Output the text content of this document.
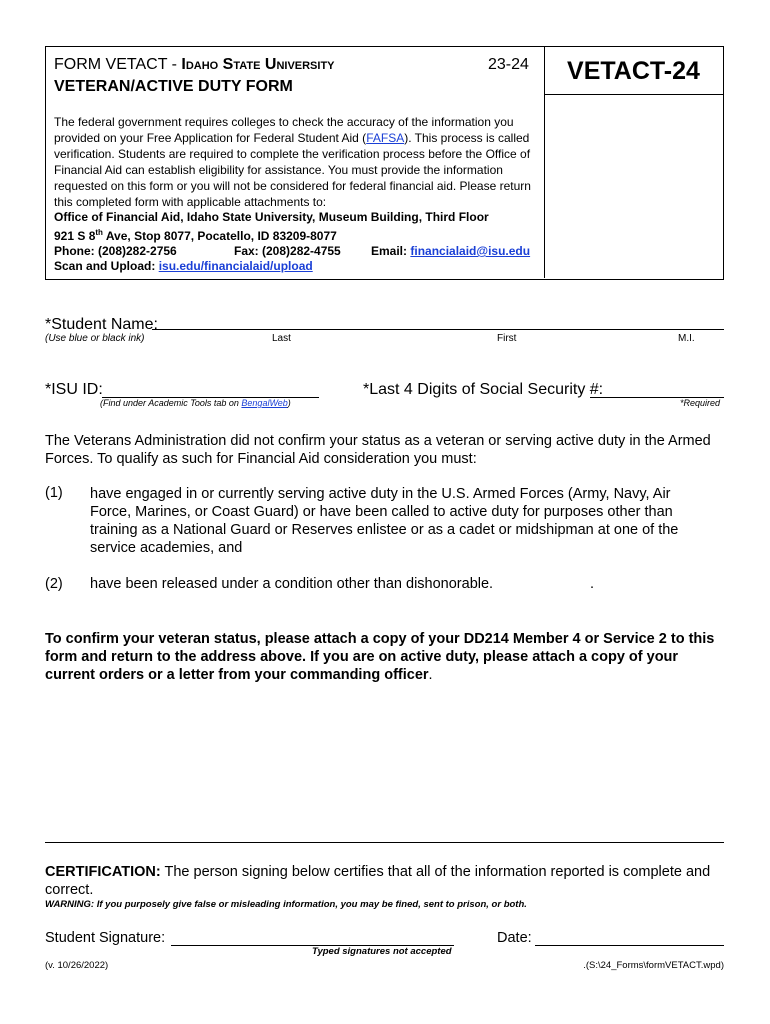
FORM VETACT - Idaho State University	23-24
VETERAN/ACTIVE DUTY FORM
VETACT-24
The federal government requires colleges to check the accuracy of the information you provided on your Free Application for Federal Student Aid (FAFSA). This process is called verification. Students are required to complete the verification process before the Office of Financial Aid can establish eligibility for assistance. You must provide the information requested on this form or you will not be considered for federal financial aid. Please return this completed form with applicable attachments to:
Office of Financial Aid, Idaho State University, Museum Building, Third Floor
921 S 8th Ave, Stop 8077, Pocatello, ID 83209-8077
Phone: (208)282-2756	Fax: (208)282-4755	Email: financialaid@isu.edu
Scan and Upload: isu.edu/financialaid/upload
*Student Name:
(Use blue or black ink)	Last	First	M.I.
*ISU ID:
(Find under Academic Tools tab on BengalWeb)
*Last 4 Digits of Social Security #:
*Required
The Veterans Administration did not confirm your status as a veteran or serving active duty in the Armed Forces. To qualify as such for Financial Aid consideration you must:
(1) have engaged in or currently serving active duty in the U.S. Armed Forces (Army, Navy, Air Force, Marines, or Coast Guard) or have been called to active duty for purposes other than training as a National Guard or Reserves enlistee or as a cadet or midshipman at one of the service academies, and
(2) have been released under a condition other than dishonorable.	.
To confirm your veteran status, please attach a copy of your DD214 Member 4 or Service 2 to this form and return to the address above. If you are on active duty, please attach a copy of your current orders or a letter from your commanding officer.
CERTIFICATION: The person signing below certifies that all of the information reported is complete and correct.
WARNING: If you purposely give false or misleading information, you may be fined, sent to prison, or both.
Student Signature:
Typed signatures not accepted
Date:
(v. 10/26/2022)	.(S:\24_Forms\formVETACT.wpd)
